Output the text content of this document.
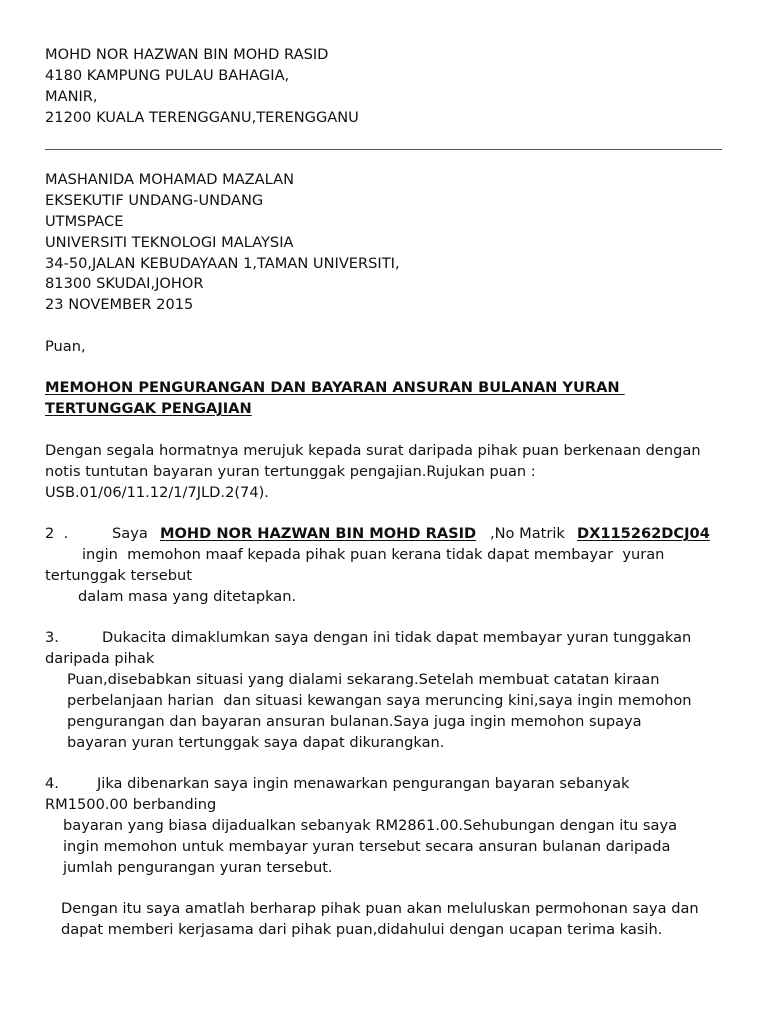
MOHD NOR HAZWAN BIN MOHD RASID
4180 KAMPUNG PULAU BAHAGIA,
MANIR,
21200 KUALA TERENGGANU,TERENGGANU
MASHANIDA MOHAMAD MAZALAN
EKSEKUTIF UNDANG-UNDANG
UTMSPACE
UNIVERSITI TEKNOLOGI MALAYSIA
34-50,JALAN KEBUDAYAAN 1,TAMAN UNIVERSITI,
81300 SKUDAI,JOHOR
23 NOVEMBER 2015
Puan,
MEMOHON PENGURANGAN DAN BAYARAN ANSURAN BULANAN YURAN
TERTUNGGAK PENGAJIAN
Dengan segala hormatnya merujuk kepada surat daripada pihak puan berkenaan dengan
notis tuntutan bayaran yuran tertunggak pengajian.Rujukan puan :
USB.01/06/11.12/1/7JLD.2(74).
2  .	Saya MOHD NOR HAZWAN BIN MOHD RASID ,No Matrik DX115262DCJ04
ingin  memohon maaf kepada pihak puan kerana tidak dapat membayar  yuran
tertunggak tersebut
dalam masa yang ditetapkan.
3.	Dukacita dimaklumkan saya dengan ini tidak dapat membayar yuran tunggakan
daripada pihak
Puan,disebabkan situasi yang dialami sekarang.Setelah membuat catatan kiraan
perbelanjaan harian  dan situasi kewangan saya meruncing kini,saya ingin memohon
pengurangan dan bayaran ansuran bulanan.Saya juga ingin memohon supaya
bayaran yuran tertunggak saya dapat dikurangkan.
4.	Jika dibenarkan saya ingin menawarkan pengurangan bayaran sebanyak
RM1500.00 berbanding
bayaran yang biasa dijadualkan sebanyak RM2861.00.Sehubungan dengan itu saya
ingin memohon untuk membayar yuran tersebut secara ansuran bulanan daripada
jumlah pengurangan yuran tersebut.
Dengan itu saya amatlah berharap pihak puan akan meluluskan permohonan saya dan
dapat memberi kerjasama dari pihak puan,didahului dengan ucapan terima kasih.
